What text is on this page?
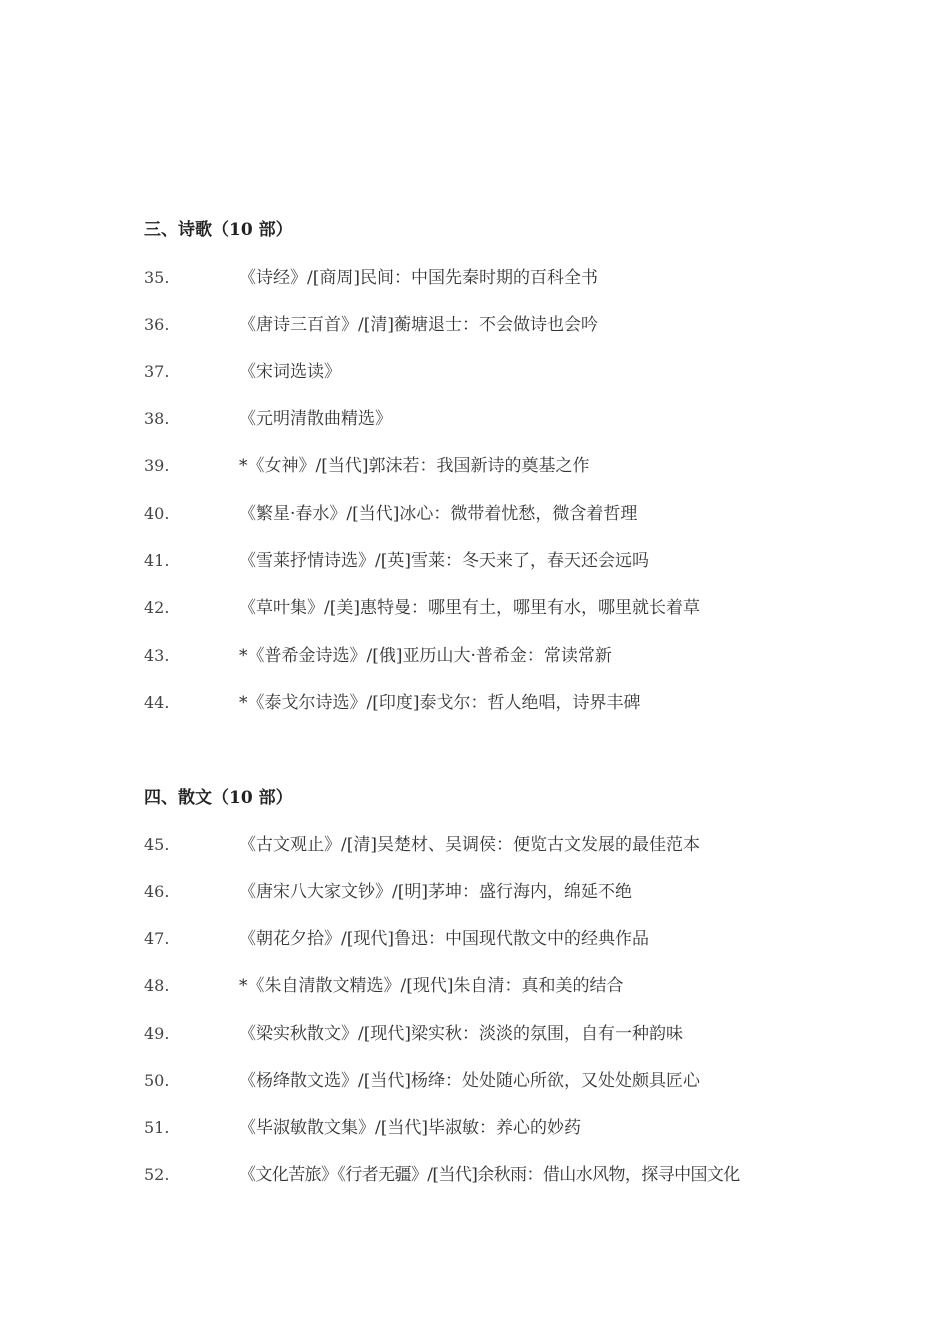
三、诗歌（10 部）
35.	《诗经》/[商周]民间：中国先秦时期的百科全书
36.	《唐诗三百首》/[清]蘅塘退士：不会做诗也会吟
37.	《宋词选读》
38.	《元明清散曲精选》
39.	*《女神》/[当代]郭沫若：我国新诗的奠基之作
40.	《繁星·春水》/[当代]冰心：微带着忧愁，微含着哲理
41.	《雪莱抒情诗选》/[英]雪莱：冬天来了，春天还会远吗
42.	《草叶集》/[美]惠特曼：哪里有土，哪里有水，哪里就长着草
43.	*《普希金诗选》/[俄]亚历山大·普希金：常读常新
44.	*《泰戈尔诗选》/[印度]泰戈尔：哲人绝唱，诗界丰碑
四、散文（10 部）
45.	《古文观止》/[清]吴楚材、吴调侯：便览古文发展的最佳范本
46.	《唐宋八大家文钞》/[明]茅坤：盛行海内，绵延不绝
47.	《朝花夕拾》/[现代]鲁迅：中国现代散文中的经典作品
48.	*《朱自清散文精选》/[现代]朱自清：真和美的结合
49.	《梁实秋散文》/[现代]梁实秋：淡淡的氛围，自有一种韵味
50.	《杨绛散文选》/[当代]杨绛：处处随心所欲，又处处颇具匠心
51.	《毕淑敏散文集》/[当代]毕淑敏：养心的妙药
52.	《文化苦旅》《行者无疆》/[当代]余秋雨：借山水风物，探寻中国文化
